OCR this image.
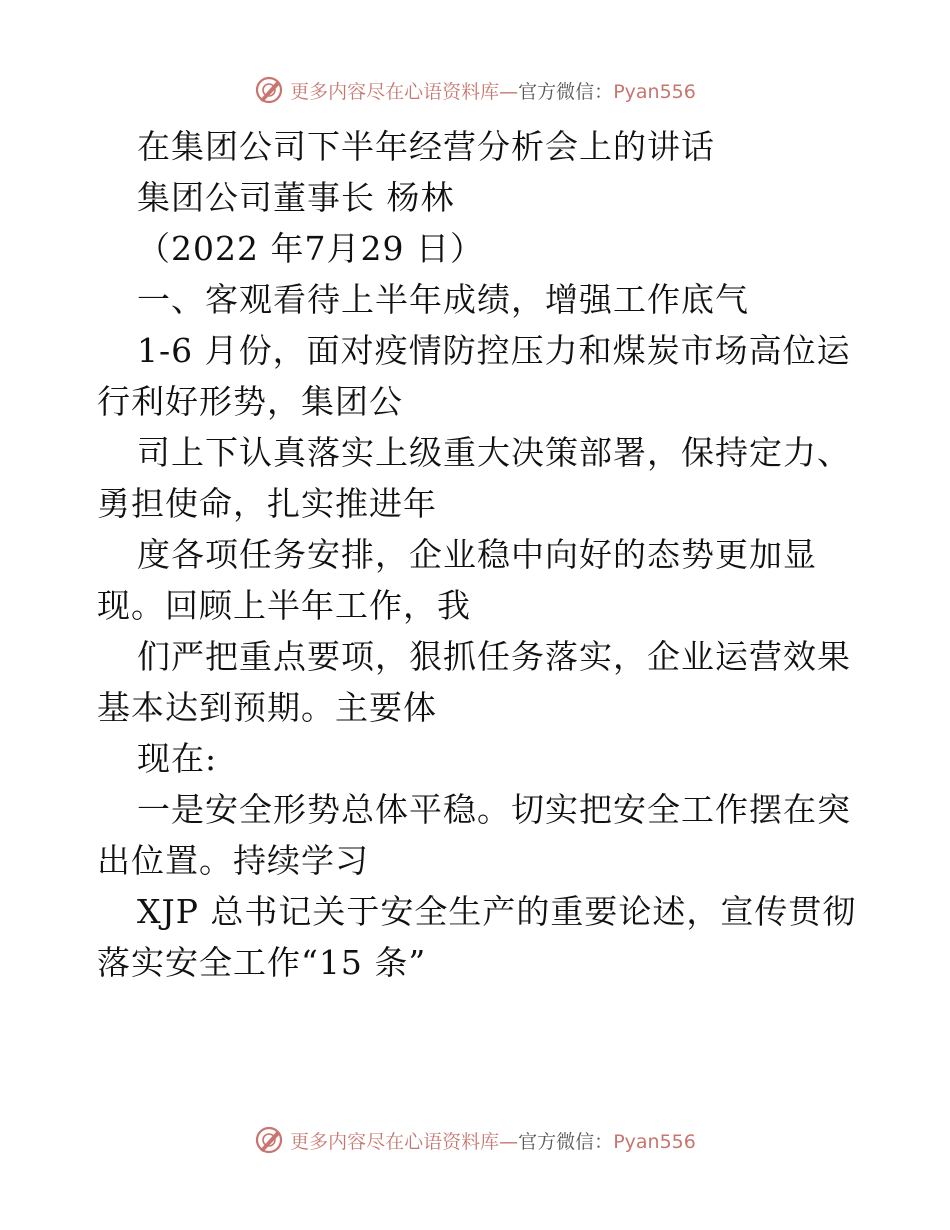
更多内容尽在心语资料库—官方微信：Pyan556

在集团公司下半年经营分析会上的讲话

集团公司董事长 杨林

（2022 年7月29 日）

一、客观看待上半年成绩，增强工作底气

1-6 月份，面对疫情防控压力和煤炭市场高位运

行利好形势，集团公

司上下认真落实上级重大决策部署，保持定力、

勇担使命，扎实推进年

度各项任务安排，企业稳中向好的态势更加显

现。回顾上半年工作，我

们严把重点要项，狠抓任务落实，企业运营效果

基本达到预期。主要体

现在:

一是安全形势总体平稳。切实把安全工作摆在突

出位置。持续学习

XJP 总书记关于安全生产的重要论述，宣传贯彻

落实安全工作“15 条”

更多内容尽在心语资料库—官方微信：Pyan556
